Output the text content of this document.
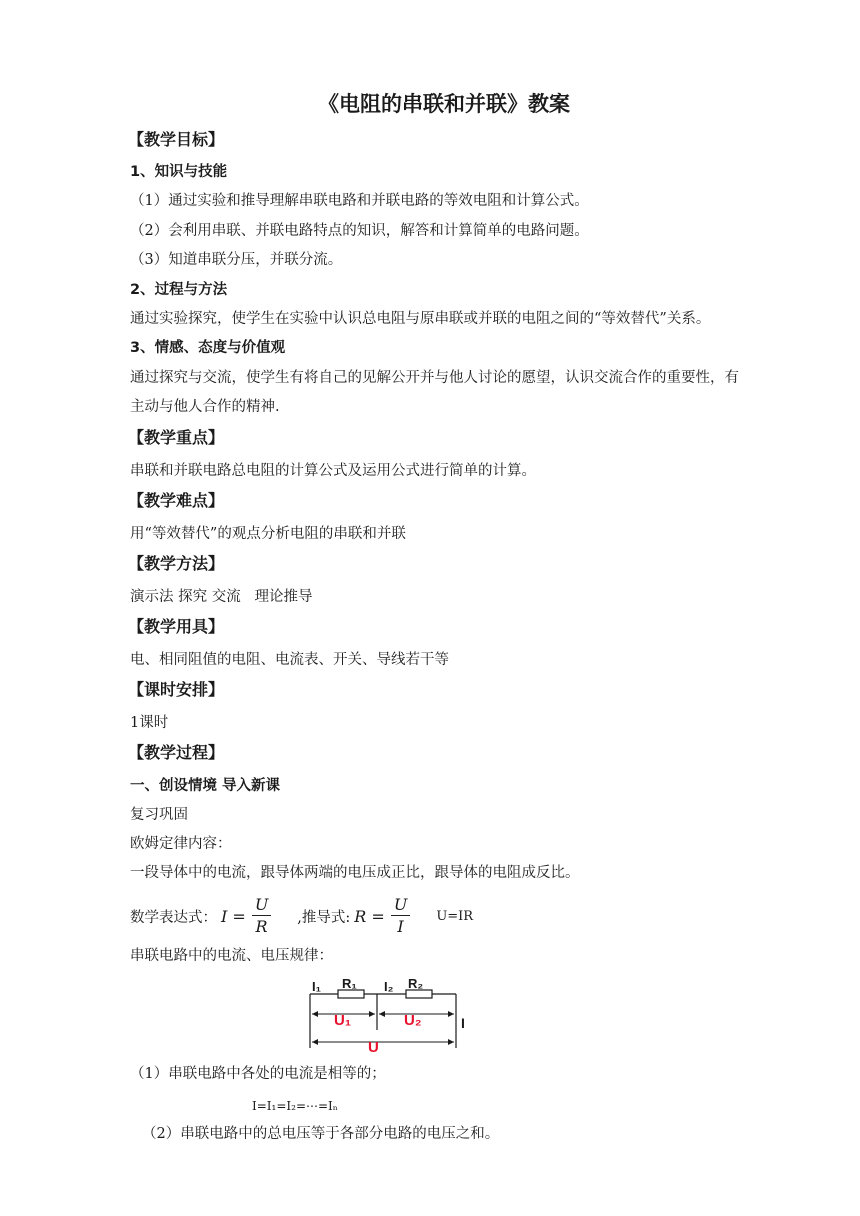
《电阻的串联和并联》教案
【教学目标】
1、知识与技能
（1）通过实验和推导理解串联电路和并联电路的等效电阻和计算公式。
（2）会利用串联、并联电路特点的知识，解答和计算简单的电路问题。
（3）知道串联分压，并联分流。
2、过程与方法
通过实验探究，使学生在实验中认识总电阻与原串联或并联的电阻之间的“等效替代”关系。
3、情感、态度与价值观
通过探究与交流，使学生有将自己的见解公开并与他人讨论的愿望，认识交流合作的重要性，有
主动与他人合作的精神.
【教学重点】
串联和并联电路总电阻的计算公式及运用公式进行简单的计算。
【教学难点】
用“等效替代”的观点分析电阻的串联和并联
【教学方法】
演示法 探究 交流   理论推导
【教学用具】
电、相同阻值的电阻、电流表、开关、导线若干等
【课时安排】
1课时
【教学过程】
一、创设情境 导入新课
复习巩固
欧姆定律内容：
一段导体中的电流，跟导体两端的电压成正比，跟导体的电阻成反比。
数学表达式： $I = \frac{U}{R}$ ,推导式: $R = \frac{U}{I} U=IR$
串联电路中的电流、电压规律：
I₁ R₁ I₂ R₂
U₁	U₂	I
U
（1）串联电路中各处的电流是相等的；
I=I₁=I₂=⋯=Iₙ
（2）串联电路中的总电压等于各部分电路的电压之和。
